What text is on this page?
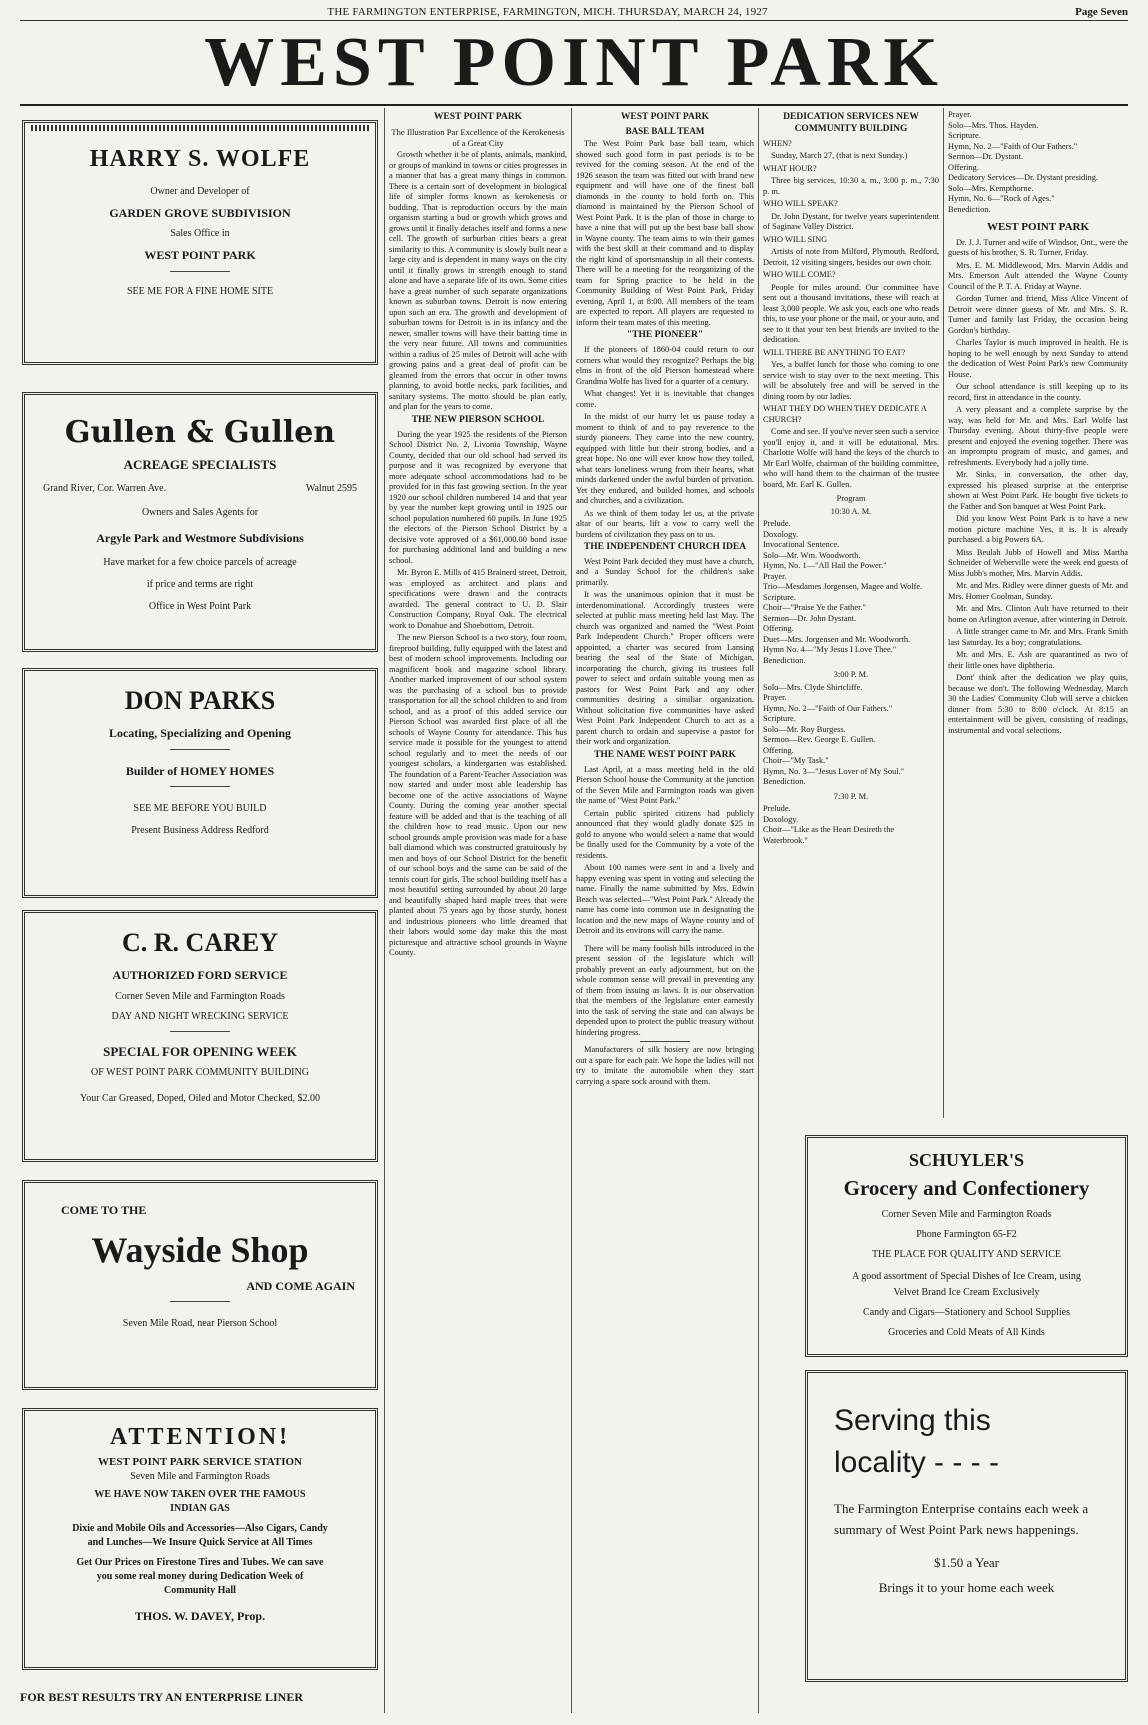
THE FARMINGTON ENTERPRISE, FARMINGTON, MICH. THURSDAY, MARCH 24, 1927	Page Seven
WEST POINT PARK
HARRY S. WOLFE
Owner and Developer of
GARDEN GROVE SUBDIVISION
Sales Office in
WEST POINT PARK
SEE ME FOR A FINE HOME SITE
Gullen & Gullen
ACREAGE SPECIALISTS
Grand River, Cor. Warren Ave.	Walnut 2595
Owners and Sales Agents for
Argyle Park and Westmore Subdivisions
Have market for a few choice parcels of acreage
if price and terms are right
Office in West Point Park
DON PARKS
Locating, Specializing and Opening
Builder of HOMEY HOMES
SEE ME BEFORE YOU BUILD
Present Business Address Redford
C. R. CAREY
AUTHORIZED FORD SERVICE
Corner Seven Mile and Farmington Roads
DAY AND NIGHT WRECKING SERVICE
SPECIAL FOR OPENING WEEK
OF WEST POINT PARK COMMUNITY BUILDING
Your Car Greased, Doped, Oiled and Motor Checked, $2.00
COME TO THE
Wayside Shop
AND COME AGAIN
Seven Mile Road, near Pierson School
ATTENTION!
WEST POINT PARK SERVICE STATION
Seven Mile and Farmington Roads
WE HAVE NOW TAKEN OVER THE FAMOUS
INDIAN GAS
Dixie and Mobile Oils and Accessories—Also Cigars, Candy
and Lunches—We Insure Quick Service at All Times
Get Our Prices on Firestone Tires and Tubes. We can save
you some real money during Dedication Week of
Community Hall
THOS. W. DAVEY, Prop.
FOR BEST RESULTS TRY AN ENTERPRISE LINER
WEST POINT PARK
The Illustration Par Excellence of the Kerokenesis of a Great City

Growth whether it be of plants, animals, mankind, or groups of mankind in towns or cities progresses in a manner that has a great many things in common. There is a certain sort of development in biological life of simpler forms known as kerokenesis or budding. That is reproduction occurs by the main organism starting a bud or growth which grows and grows until it finally detaches itself and forms a new cell. The growth of surburban cities bears a great similarity to this. A community is slowly built near a large city and is dependent in many ways on the city until it finally grows in strength enough to stand alone and have a separate life of its own. Some cities have a great number of such separate organizations known as suburban towns. Detroit is now entering upon such an era. The growth and development of suburban towns for Detroit is in its infancy and the newer, smaller towns will have their batting time in the very near future. All towns and communities within a radius of 25 miles of Detroit will ache with growing pains and a great deal of profit can be gleamed from the errors that occur in other towns planning, to avoid bottle necks, park facilities, and sanitary systems. The motto should be plan early, and plan for the years to come.

THE NEW PIERSON SCHOOL

During the year 1925 the residents of the Pierson School District No. 2, Livonia Township, Wayne County, decided that our old school had served its purpose and it was recognized by everyone that more adequate school accommodations had to be provided for in this fast growing section. In the year 1920 our school children numbered 14 and that year by year the number kept growing until in 1925 our school population numbered 60 pupils. In June 1925 the electors of the Pierson School District by a decisive vote approved of a $61,000.00 bond issue for purchasing additional land and building a new school.

Mr. Byron E. Mills of 415 Brainerd street, Detroit, was employed as architect and plans and specifications were drawn and the contracts awarded. The general contract to U. D. Slair Construction Company, Royal Oak. The electrical work to Donahue and Shoebottom, Detroit.

The new Pierson School is a two story, four room, fireproof building, fully equipped with the latest and best of modern school improvements. Including our magnificent book and magazine school library. Another marked improvement of our school system was the purchasing of a school bus to provide transportation for all the school children to and from school, and as a proof of this added service our Pierson School was awarded first place of all the schools of Wayne County for attendance. This bus service made it possible for the youngest to attend school regularly and to meet the needs of our youngest scholars, a kindergarten was established. The foundation of a Parent-Teacher Association was now started and under most able leadership has become one of the active associations of Wayne County. During the coming year another special feature will be added and that is the teaching of all the children how to read music. Upon our new school grounds ample provision was made for a base ball diamond which was constructed gratuitously by men and boys of our School District for the benefit of our school boys and the same can be said of the tennis court for girls. The school building itself has a most beautiful setting surrounded by about 20 large and beautifully shaped hard maple trees that were planted about 75 years ago by those sturdy, honest and industrious pioneers who little dreamed that their labors would some day make this the most picturesque and attractive school grounds in Wayne County.

WEST POINT PARK
BASE BALL TEAM

The West Point Park base ball team, which showed such good form in past periods is to be revived for the coming season. At the end of the 1926 season the team was fitted out with brand new equipment and will have one of the finest ball diamonds in the county to hold forth on. This diamond is maintained by the Pierson School of West Point Park. It is the plan of those in charge to have a nine that will put up the best base ball show in Wayne county. The team aims to win their games with the best skill at their command and to display the right kind of sportsmanship in all their contests. There will be a meeting for the reorganizing of the team for Spring practice to be held in the Community Building of West Point Park, Friday evening, April 1, at 8:00. All members of the team are expected to report. All players are requested to inform their team mates of this meeting.

"THE PIONEER"

If the pioneers of 1860-04 could return to our corners what would they recognize? Perhaps the big elms in front of the old Pierson homestead where Grandma Wolfe has lived for a quarter of a century.

What changes! Yet it is inevitable that changes come.

In the midst of our hurry let us pause today a moment to think of and to pay reverence to the sturdy pioneers. They came into the new country, equipped with little but their strong bodies, and a great hope. No one will ever know how they toiled, what tears loneliness wrung from their hearts, what minds darkened under the awful burden of privation. Yet they endured, and builded homes, and schools and churches, and a civilization.

As we think of them today let us, at the private altar of our hearts, lift a vow to carry well the burdens of civilization they pass on to us.

THE INDEPENDENT CHURCH IDEA

West Point Park decided they must have a church, and a Sunday School for the children's sake primarily.

It was the unanimous opinion that it must be interdenominational. Accordingly trustees were selected at public mass meeting held last May. The church was organized and named the "West Point Park Independent Church." Proper officers were appointed, a charter was secured from Lansing bearing the seal of the State of Michigan, incorporating the church, giving its trustees full power to select and ordain suitable young men as pastors for West Point Park and any other communities desiring a similiar organization. Without solicitation five communities have asked West Point Park Independent Church to act as a parent church to ordain and supervise a pastor for their work and organization.

THE NAME WEST POINT PARK

Last April, at a mass meeting held in the old Pierson School house the Community at the junction of the Seven Mile and Farmington roads was given the name of "West Point Park."

Certain public spirited citizens had publicly announced that they would gladly donate $25 in gold to anyone who would select a name that would be finally used for the Community by a vote of the residents.

About 100 names were sent in and a lively and happy evening was spent in voting and selecting the name. Finally the name submitted by Mrs. Edwin Beach was selected—"West Point Park." Already the name has come into common use in designating the location and the new maps of Wayne county and of Detroit and its environs will carry the name.

There will be many foolish bills introduced in the present session of the legislature which will probably prevent an early adjournment, but on the whole common sense will prevail in preventing any of them from issuing as laws. It is our observation that the members of the legislature enter earnestly into the task of serving the state and can always be depended upon to protect the public treasury without hindering progress.

Manufacturers of silk hosiery are now bringing out a spare for each pair. We hope the ladies will not try to imitate the automobile when they start carrying a spare sock around with them.

DEDICATION SERVICES NEW COMMUNITY BUILDING

WHEN?

Sunday, March 27, (that is next Sunday.)

WHAT HOUR?

Three big services, 10:30 a. m., 3:00 p. m., 7:30 p. m.

WHO WILL SPEAK?

Dr. John Dystant, for twelve years superintendent of Saginaw Valley District.

WHO WILL SING

Artists of note from Milford, Plymouth. Redford, Detroit, 12 visiting singers, besides our own choir.

WHO WILL COME?

People for miles around. Our committee have sent out a thousand invitations, these will reach at least 3,000 people. We ask you, each one who reads this, to use your phone or the mail, or your auto, and see to it that your ten best friends are invited to the dedication.

WILL THERE BE ANYTHING TO EAT?

Yes, a buffet lunch for those who coming to one service wish to stay over to the next meeting. This will be absolutely free and will be served in the dining room by our ladies.

WHAT THEY DO WHEN THEY DEDICATE A CHURCH?

Come and see. If you've never seen such a service you'll enjoy it, and it will be edutational. Mrs. Charlotte Wolfe will hand the keys of the church to Mr Earl Wolfe, chairman of the building committee, who will hand them to the chairman of the trustee board, Mr. Earl K. Gullen.

Program

10:30 A. M.

Prelude.

Doxology.

Invocational Sentence.

Solo—Mr. Wm. Woodworth.

Hymn, No. 1—"All Hail the Power."

Prayer.

Trio—Mesdames Jorgensen, Magee and Wolfe.

Scripture.

Choir—"Praise Ye the Father."

Sermon—Dr. John Dystant.

Offering.

Duet—Mrs. Jorgensen and Mr. Woodworth.

Hymn No. 4—"My Jesus I Love Thee."

Benediction.

3:00 P. M.

Solo—Mrs. Clyde Shirtcliffe.

Prayer.

Hymn, No. 2—"Faith of Our Fathers."

Scripture.

Solo—Mr. Roy Burgess.

Sermon—Rev. George E. Gullen.

Offering.

Choir—"My Task."

Hymn, No. 3—"Jesus Lover of My Soul."

Benediction.

7:30 P. M.

Prelude.

Doxology.

Choir—"Like as the Heart Desireth the Waterbrook."

Prayer.

Solo—Mrs. Thos. Hayden.

Scripture.

Hymn, No. 2—"Faith of Our Fathers."

Sermon—Dr. Dystant.

Offering.

Dedicatory Services—Dr. Dystant presiding.

Solo—Mrs. Kempthorne.

Hymn, No. 6—"Rock of Ages."

Benediction.

WEST POINT PARK

Dr. J. J. Turner and wife of Windsor, Ont., were the guests of his brother, S. R. Turner, Friday.

Mrs. E. M. Middlewood, Mrs. Marvin Addis and Mrs. Emerson Ault attended the Wayne County Council of the P. T. A. Friday at Wayne.

Gordon Turner and friend, Miss Alice Vincent of Detroit were dinner guests of Mr. and Mrs. S. R. Turner and family last Friday, the occasion being Gordon's birthday.

Charles Taylor is much improved in health. He is hoping to be well enough by next Sunday to attend the dedication of West Point Park's new Community House.

Our school attendance is still keeping up to its record, first in attendance in the county.

A very pleasant and a complete surprise by the way, was held for Mr. and Mrs. Earl Wolfe last Thursday evening. About thirty-five people were present and enjoyed the evening together. There was an impromptu program of music, and games, and refreshments. Everybody had a jolly time.

Mr. Sinks, in conversation, the other day, expressed his pleased surprise at the enterprise shown at West Point Park. He bought five tickets to the Father and Son banquet at West Point Park.

Did you know West Point Park is to have a new motion picture machine Yes, it is. It is already purchased. a big Powers 6A.

Miss Beulah Jubb of Howell and Miss Martha Schneider of Weberville were the week end guests of Miss Jubb's mother, Mrs. Marvin Addis.

Mr. and Mrs. Ridley were dinner guests of Mr. and Mrs. Homer Coolman, Sunday.

Mr. and Mrs. Clinton Ault have returned to their home on Arlington avenue, after wintering in Detroit.

A little stranger came to Mr. and Mrs. Frank Smith last Saturday. Its a boy; congratulations.

Mr. and Mrs. E. Ash are quarantined as two of their little ones have diphtheria.

Dont' think after the dedication we play quits, because we don't. The following Wednesday, March 30 the Ladies' Community Club will serve a chicken dinner from 5:30 to 8:00 o'clock. At 8:15 an entertainment will be given, consisting of readings, instrumental and vocal selections.

SCHUYLER'S
Grocery and Confectionery
Corner Seven Mile and Farmington Roads
Phone Farmington 65-F2
THE PLACE FOR QUALITY AND SERVICE
A good assortment of Special Dishes of Ice Cream, using
Velvet Brand Ice Cream Exclusively
Candy and Cigars—Stationery and School Supplies
Groceries and Cold Meats of All Kinds
Serving this
locality - - - -
The Farmington Enterprise contains each week a summary of West Point Park news happenings.
$1.50 a Year
Brings it to your home each week
